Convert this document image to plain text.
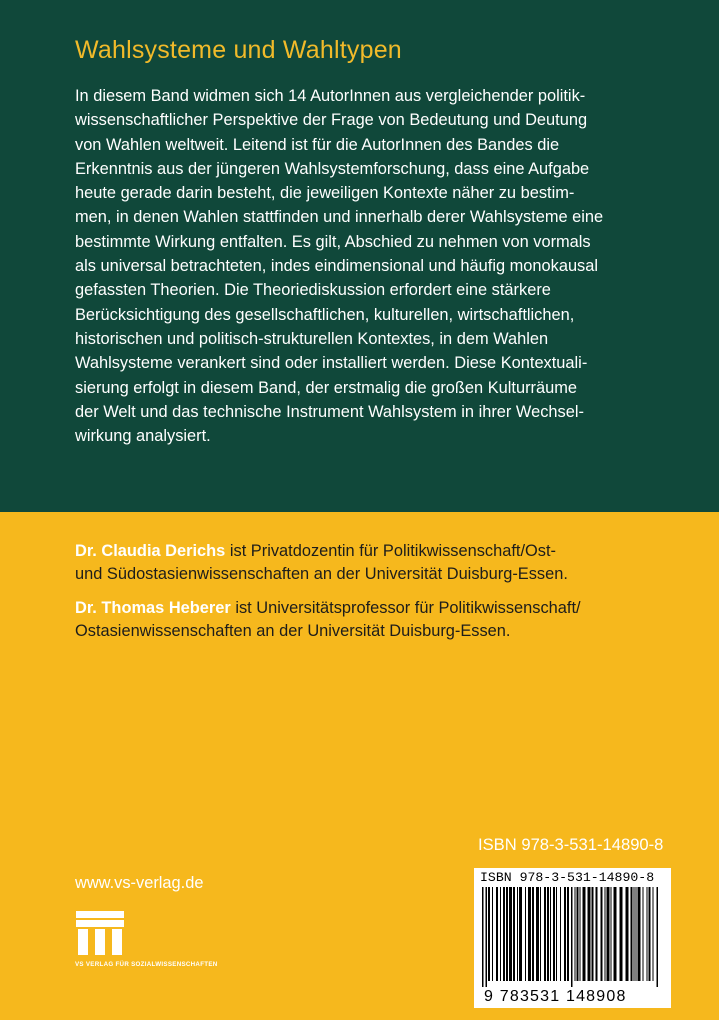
Wahlsysteme und Wahltypen
In diesem Band widmen sich 14 AutorInnen aus vergleichender politik-
wissenschaftlicher Perspektive der Frage von Bedeutung und Deutung
von Wahlen weltweit. Leitend ist für die AutorInnen des Bandes die
Erkenntnis aus der jüngeren Wahlsystemforschung, dass eine Aufgabe
heute gerade darin besteht, die jeweiligen Kontexte näher zu bestim-
men, in denen Wahlen stattfinden und innerhalb derer Wahlsysteme eine
bestimmte Wirkung entfalten. Es gilt, Abschied zu nehmen von vormals
als universal betrachteten, indes eindimensional und häufig monokausal
gefassten Theorien. Die Theoriediskussion erfordert eine stärkere
Berücksichtigung des gesellschaftlichen, kulturellen, wirtschaftlichen,
historischen und politisch-strukturellen Kontextes, in dem Wahlen
Wahlsysteme verankert sind oder installiert werden. Diese Kontextuali-
sierung erfolgt in diesem Band, der erstmalig die großen Kulturräume
der Welt und das technische Instrument Wahlsystem in ihrer Wechsel-
wirkung analysiert.
Dr. Claudia Derichs ist Privatdozentin für Politikwissenschaft/Ost-
und Südostasienwissenschaften an der Universität Duisburg-Essen.
Dr. Thomas Heberer ist Universitätsprofessor für Politikwissenschaft/
Ostasienwissenschaften an der Universität Duisburg-Essen.
ISBN 978-3-531-14890-8
www.vs-verlag.de
VS VERLAG FÜR SOZIALWISSENSCHAFTEN
ISBN 978-3-531-14890-8
9 783531 148908
